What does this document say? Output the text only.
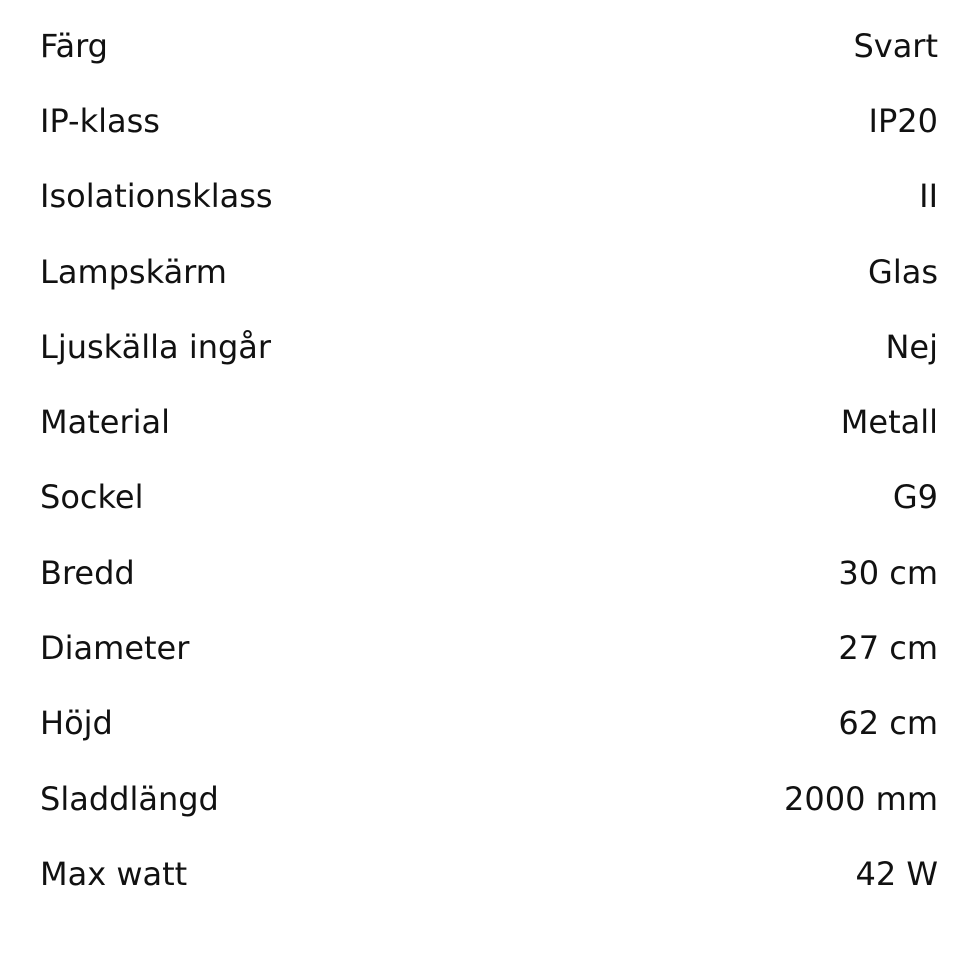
Färg	Svart
IP-klass	IP20
Isolationsklass	II
Lampskärm	Glas
Ljuskälla ingår	Nej
Material	Metall
Sockel	G9
Bredd	30 cm
Diameter	27 cm
Höjd	62 cm
Sladdlängd	2000 mm
Max watt	42 W
